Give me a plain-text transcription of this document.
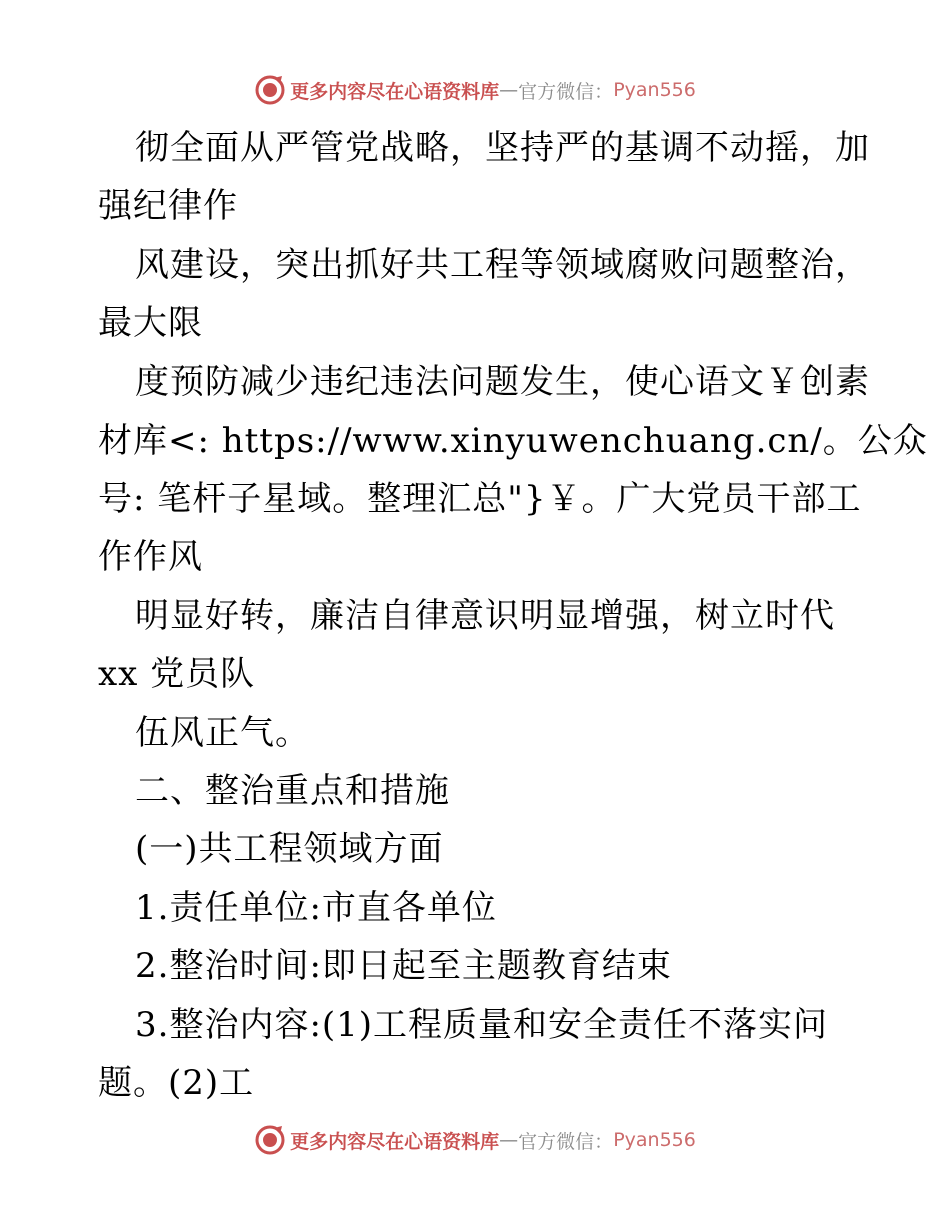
更多内容尽在心语资料库 — 官方微信： Pyan556
彻全面从严管党战略，坚持严的基调不动摇，加
强纪律作
风建设，突出抓好共工程等领域腐败问题整治，
最大限
度预防减少违纪违法问题发生，使心语文￥创素
材库<: https://www.xinyuwenchuang.cn/。公众
号: 笔杆子星域。整理汇总"}￥。广大党员干部工
作作风
明显好转，廉洁自律意识明显增强，树立时代
xx 党员队
伍风正气。
二、整治重点和措施
(一)共工程领域方面
1.责任单位:市直各单位
2.整治时间:即日起至主题教育结束
3.整治内容:(1)工程质量和安全责任不落实问
题。(2)工
更多内容尽在心语资料库 — 官方微信： Pyan556
